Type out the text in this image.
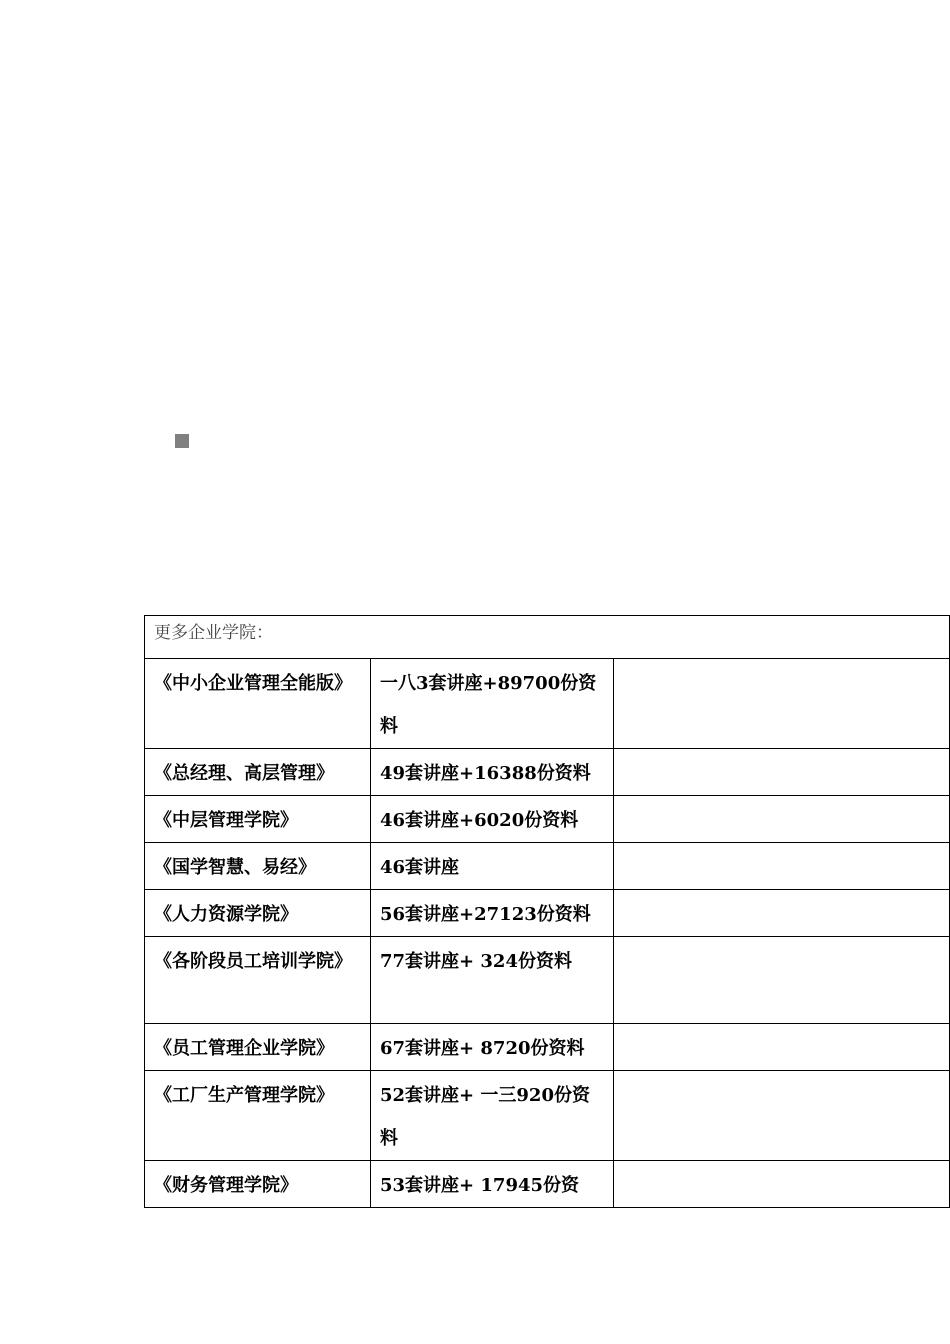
更多企业学院：		
《中小企业管理全能版》	一八3套讲座+89700份资料	
《总经理、高层管理》	49套讲座+16388份资料	
《中层管理学院》	46套讲座+6020份资料	
《国学智慧、易经》	46套讲座	
《人力资源学院》	56套讲座+27123份资料	
《各阶段员工培训学院》	77套讲座+ 324份资料	
《员工管理企业学院》	67套讲座+ 8720份资料	
《工厂生产管理学院》	52套讲座+ 一三920份资料	
《财务管理学院》	53套讲座+ 17945份资	
